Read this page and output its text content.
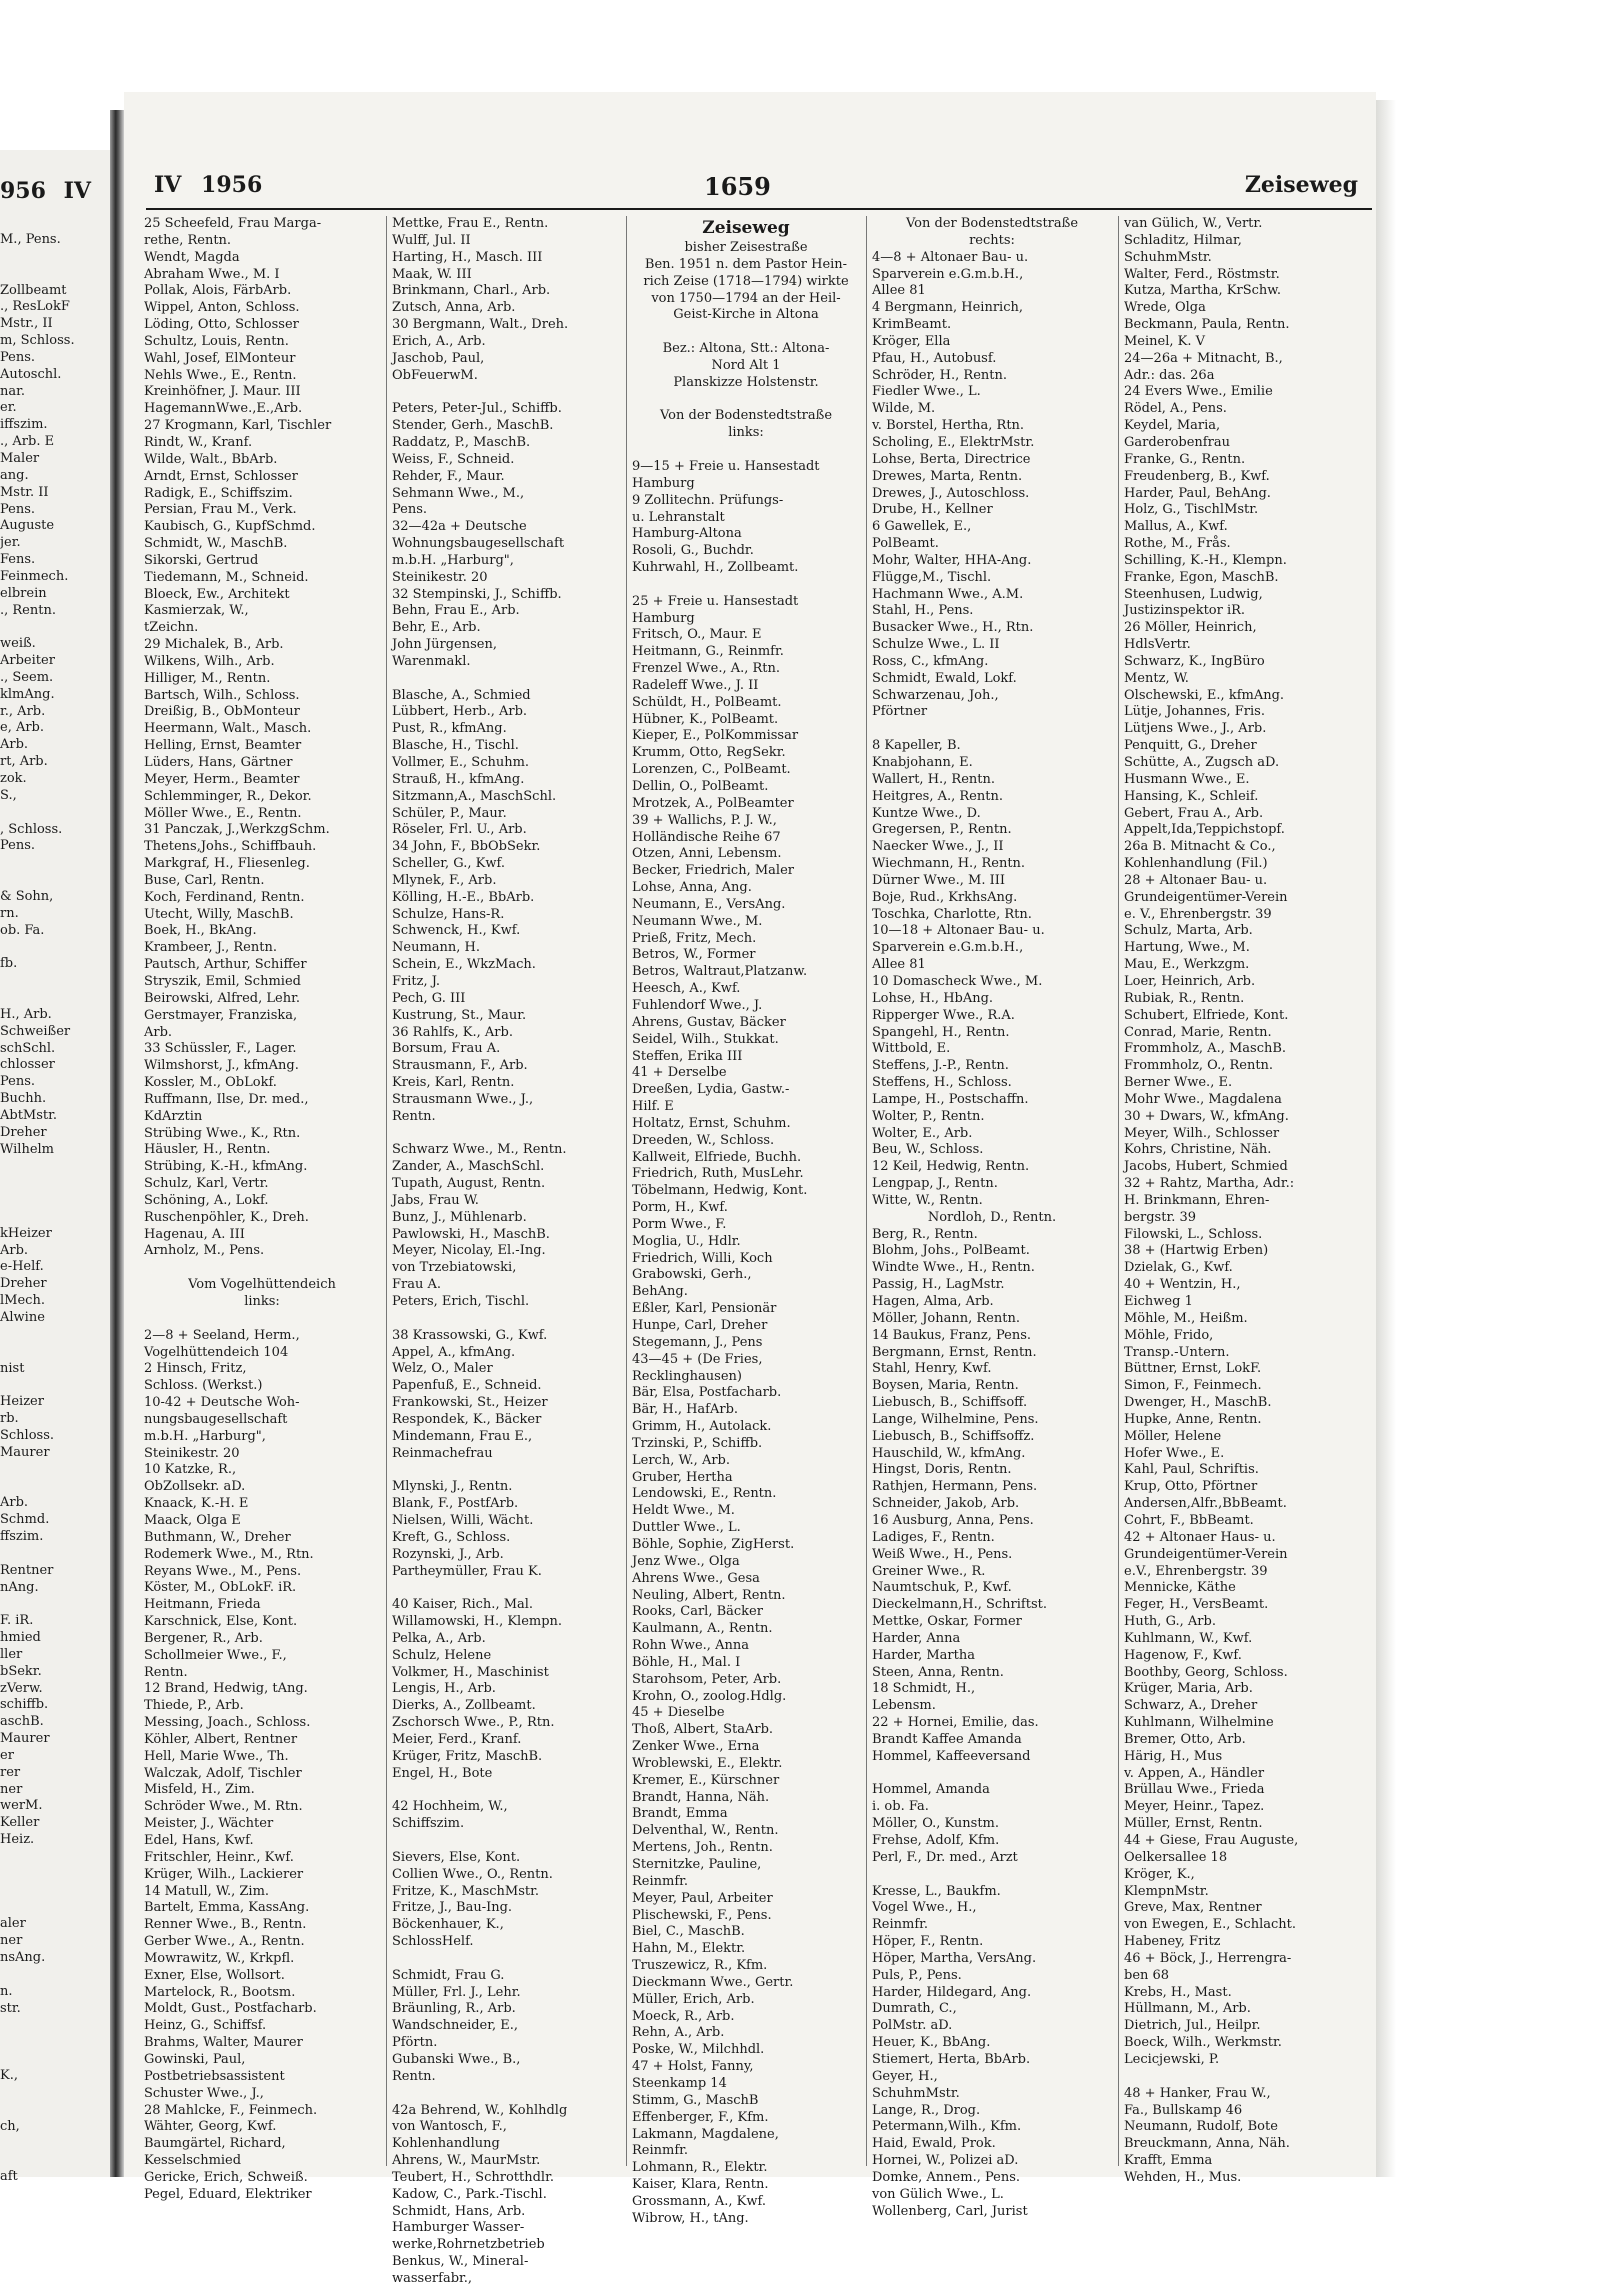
956 IV
M., Pens.

Zollbeamt
., ResLokF
Mstr., II
m, Schloss.
Pens.
Autoschl.
nar.
er.
iffszim.
., Arb. E
Maler
ang.
Mstr. II
Pens.
Auguste
jer.
Fens.
Feinmech.
elbrein
., Rentn.

weiß.
Arbeiter
., Seem.
klmAng.
r., Arb.
e, Arb.
Arb.
rt, Arb.
zok.
S.,

, Schloss.
Pens.

& Sohn,
rn.
ob. Fa.

fb.

H., Arb.
Schweißer
schSchl.
chlosser
Pens.
Buchh.
AbtMstr.
Dreher
Wilhelm

kHeizer
Arb.
e-Helf.
Dreher
lMech.
Alwine

nist

Heizer
rb.
Schloss.
Maurer

Arb.
Schmd.
ffszim.

Rentner
nAng.

F. iR.
hmied
ller
bSekr.
zVerw.
schiffb.
aschB.
Maurer
er
rer
ner
werM.
Keller
Heiz.

aler
ner
nsAng.

n.
str.

K.,

ch,

aft
IV 1956	1659	Zeiseweg
25 Scheefeld, Frau Marga-
rethe, Rentn.
Wendt, Magda
Abraham Wwe., M. I
Pollak, Alois, FärbArb.
Wippel, Anton, Schloss.
Löding, Otto, Schlosser
Schultz, Louis, Rentn.
Wahl, Josef, ElMonteur
Nehls Wwe., E., Rentn.
Kreinhöfner, J. Maur. III
HagemannWwe.,E.,Arb.
27 Krogmann, Karl, Tischler
Rindt, W., Kranf.
Wilde, Walt., BbArb.
Arndt, Ernst, Schlosser
Radigk, E., Schiffszim.
Persian, Frau M., Verk.
Kaubisch, G., KupfSchmd.
Schmidt, W., MaschB.
Sikorski, Gertrud
Tiedemann, M., Schneid.
Bloeck, Ew., Architekt
Kasmierzak, W.,
tZeichn.
29 Michalek, B., Arb.
Wilkens, Wilh., Arb.
Hilliger, M., Rentn.
Bartsch, Wilh., Schloss.
Dreißig, B., ObMonteur
Heermann, Walt., Masch.
Helling, Ernst, Beamter
Lüders, Hans, Gärtner
Meyer, Herm., Beamter
Schlemminger, R., Dekor.
Möller Wwe., E., Rentn.
31 Panczak, J.,WerkzgSchm.
Thetens,Johs., Schiffbauh.
Markgraf, H., Fliesenleg.
Buse, Carl, Rentn.
Koch, Ferdinand, Rentn.
Utecht, Willy, MaschB.
Boek, H., BkAng.
Krambeer, J., Rentn.
Pautsch, Arthur, Schiffer
Stryszik, Emil, Schmied
Beirowski, Alfred, Lehr.
Gerstmayer, Franziska,
Arb.
33 Schüssler, F., Lager.
Wilmshorst, J., kfmAng.
Kossler, M., ObLokf.
Ruffmann, Ilse, Dr. med.,
KdArztin
Strübing Wwe., K., Rtn.
Häusler, H., Rentn.
Strübing, K.-H., kfmAng.
Schulz, Karl, Vertr.
Schöning, A., Lokf.
Ruschenpöhler, K., Dreh.
Hagenau, A. III
Arnholz, M., Pens.

Vom Vogelhüttendeich
links:

2—8 + Seeland, Herm.,
Vogelhüttendeich 104
2 Hinsch, Fritz,
Schloss. (Werkst.)
10-42 + Deutsche Woh-
nungsbaugesellschaft
m.b.H. „Harburg",
Steinikestr. 20
10 Katzke, R.,
ObZollsekr. aD.
Knaack, K.-H. E
Maack, Olga E
Buthmann, W., Dreher
Rodemerk Wwe., M., Rtn.
Reyans Wwe., M., Pens.
Köster, M., ObLokF. iR.
Heitmann, Frieda
Karschnick, Else, Kont.
Bergener, R., Arb.
Schollmeier Wwe., F.,
Rentn.
12 Brand, Hedwig, tAng.
Thiede, P., Arb.
Messing, Joach., Schloss.
Köhler, Albert, Rentner
Hell, Marie Wwe., Th.
Walczak, Adolf, Tischler
Misfeld, H., Zim.
Schröder Wwe., M. Rtn.
Meister, J., Wächter
Edel, Hans, Kwf.
Fritschler, Heinr., Kwf.
Krüger, Wilh., Lackierer
14 Matull, W., Zim.
Bartelt, Emma, KassAng.
Renner Wwe., B., Rentn.
Gerber Wwe., A., Rentn.
Mowrawitz, W., Krkpfl.
Exner, Else, Wollsort.
Martelock, R., Bootsm.
Moldt, Gust., Postfacharb.
Heinz, G., Schiffsf.
Brahms, Walter, Maurer
Gowinski, Paul,
Postbetriebsassistent
Schuster Wwe., J.,
28 Mahlcke, F., Feinmech.
Wähter, Georg, Kwf.
Baumgärtel, Richard,
Kesselschmied
Gericke, Erich, Schweiß.
Pegel, Eduard, Elektriker
Mettke, Frau E., Rentn.
Wulff, Jul. II
Harting, H., Masch. III
Maak, W. III
Brinkmann, Charl., Arb.
Zutsch, Anna, Arb.
30 Bergmann, Walt., Dreh.
Erich, A., Arb.
Jaschob, Paul,
ObFeuerwM.

Peters, Peter-Jul., Schiffb.
Stender, Gerh., MaschB.
Raddatz, P., MaschB.
Weiss, F., Schneid.
Rehder, F., Maur.
Sehmann Wwe., M.,
Pens.
32—42a + Deutsche
Wohnungsbaugesellschaft
m.b.H. „Harburg",
Steinikestr. 20
32 Stempinski, J., Schiffb.
Behn, Frau E., Arb.
Behr, E., Arb.
John Jürgensen,
Warenmakl.

Blasche, A., Schmied
Lübbert, Herb., Arb.
Pust, R., kfmAng.
Blasche, H., Tischl.
Vollmer, E., Schuhm.
Strauß, H., kfmAng.
Sitzmann,A., MaschSchl.
Schüler, P., Maur.
Röseler, Frl. U., Arb.
34 John, F., BbObSekr.
Scheller, G., Kwf.
Mlynek, F., Arb.
Kölling, H.-E., BbArb.
Schulze, Hans-R.
Schwenck, H., Kwf.
Neumann, H.
Schein, E., WkzMach.
Fritz, J.
Pech, G. III
Kustrung, St., Maur.
36 Rahlfs, K., Arb.
Borsum, Frau A.
Strausmann, F., Arb.
Kreis, Karl, Rentn.
Strausmann Wwe., J.,
Rentn.

Schwarz Wwe., M., Rentn.
Zander, A., MaschSchl.
Tupath, August, Rentn.
Jabs, Frau W.
Bunz, J., Mühlenarb.
Pawlowski, H., MaschB.
Meyer, Nicolay, El.-Ing.
von Trzebiatowski,
Frau A.
Peters, Erich, Tischl.

38 Krassowski, G., Kwf.
Appel, A., kfmAng.
Welz, O., Maler
Papenfuß, E., Schneid.
Frankowski, St., Heizer
Respondek, K., Bäcker
Mindemann, Frau E.,
Reinmachefrau

Mlynski, J., Rentn.
Blank, F., PostfArb.
Nielsen, Willi, Wächt.
Kreft, G., Schloss.
Rozynski, J., Arb.
Partheymüller, Frau K.

40 Kaiser, Rich., Mal.
Willamowski, H., Klempn.
Pelka, A., Arb.
Schulz, Helene
Volkmer, H., Maschinist
Lengis, H., Arb.
Dierks, A., Zollbeamt.
Zschorsch Wwe., P., Rtn.
Meier, Ferd., Kranf.
Krüger, Fritz, MaschB.
Engel, H., Bote

42 Hochheim, W.,
Schiffszim.

Sievers, Else, Kont.
Collien Wwe., O., Rentn.
Fritze, K., MaschMstr.
Fritze, J., Bau-Ing.
Böckenhauer, K.,
SchlossHelf.

Schmidt, Frau G.
Müller, Frl. J., Lehr.
Bräunling, R., Arb.
Wandschneider, E.,
Pförtn.
Gubanski Wwe., B.,
Rentn.

42a Behrend, W., Kohlhdlg
von Wantosch, F.,
Kohlenhandlung
Ahrens, W., MaurMstr.
Teubert, H., Schrotthdlr.
Kadow, C., Park.-Tischl.
Schmidt, Hans, Arb.
Hamburger Wasser-
werke,Rohrnetzbetrieb
Benkus, W., Mineral-
wasserfabr.,
Zeiseweg
bisher Zeisestraße
Ben. 1951 n. dem Pastor Hein-
rich Zeise (1718—1794) wirkte
von 1750—1794 an der Heil-
Geist-Kirche in Altona

Bez.: Altona, Stt.: Altona-
Nord Alt 1
Planskizze Holstenstr.

Von der Bodenstedtstraße
links:

9—15 + Freie u. Hansestadt
Hamburg
9 Zollitechn. Prüfungs-
u. Lehranstalt
Hamburg-Altona
Rosoli, G., Buchdr.
Kuhrwahl, H., Zollbeamt.

25 + Freie u. Hansestadt
Hamburg
Fritsch, O., Maur. E
Heitmann, G., Reinmfr.
Frenzel Wwe., A., Rtn.
Radeleff Wwe., J. II
Schüldt, H., PolBeamt.
Hübner, K., PolBeamt.
Kieper, E., PolKommissar
Krumm, Otto, RegSekr.
Lorenzen, C., PolBeamt.
Dellin, O., PolBeamt.
Mrotzek, A., PolBeamter
39 + Wallichs, P. J. W.,
Holländische Reihe 67
Otzen, Anni, Lebensm.
Becker, Friedrich, Maler
Lohse, Anna, Ang.
Neumann, E., VersAng.
Neumann Wwe., M.
Prieß, Fritz, Mech.
Betros, W., Former
Betros, Waltraut,Platzanw.
Heesch, A., Kwf.
Fuhlendorf Wwe., J.
Ahrens, Gustav, Bäcker
Seidel, Wilh., Stukkat.
Steffen, Erika III
41 + Derselbe
Dreeßen, Lydia, Gastw.-
Hilf. E
Holtatz, Ernst, Schuhm.
Dreeden, W., Schloss.
Kallweit, Elfriede, Buchh.
Friedrich, Ruth, MusLehr.
Töbelmann, Hedwig, Kont.
Porm, H., Kwf.
Porm Wwe., F.
Moglia, U., Hdlr.
Friedrich, Willi, Koch
Grabowski, Gerh.,
BehAng.
Eßler, Karl, Pensionär
Hunpe, Carl, Dreher
Stegemann, J., Pens
43—45 + (De Fries,
Recklinghausen)
Bär, Elsa, Postfacharb.
Bär, H., HafArb.
Grimm, H., Autolack.
Trzinski, P., Schiffb.
Lerch, W., Arb.
Gruber, Hertha
Lendowski, E., Rentn.
Heldt Wwe., M.
Duttler Wwe., L.
Böhle, Sophie, ZigHerst.
Jenz Wwe., Olga
Ahrens Wwe., Gesa
Neuling, Albert, Rentn.
Rooks, Carl, Bäcker
Kaulmann, A., Rentn.
Rohn Wwe., Anna
Böhle, H., Mal. I
Starohsom, Peter, Arb.
Krohn, O., zoolog.Hdlg.
45 + Dieselbe
Thoß, Albert, StaArb.
Zenker Wwe., Erna
Wroblewski, E., Elektr.
Kremer, E., Kürschner
Brandt, Hanna, Näh.
Brandt, Emma
Delventhal, W., Rentn.
Mertens, Joh., Rentn.
Sternitzke, Pauline,
Reinmfr.
Meyer, Paul, Arbeiter
Plischewski, F., Pens.
Biel, C., MaschB.
Hahn, M., Elektr.
Truszewicz, R., Kfm.
Dieckmann Wwe., Gertr.
Müller, Erich, Arb.
Moeck, R., Arb.
Rehn, A., Arb.
Poske, W., Milchhdl.
47 + Holst, Fanny,
Steenkamp 14
Stimm, G., MaschB
Effenberger, F., Kfm.
Lakmann, Magdalene,
Reinmfr.
Lohmann, R., Elektr.
Kaiser, Klara, Rentn.
Grossmann, A., Kwf.
Wibrow, H., tAng.
Von der Bodenstedtstraße
rechts:
4—8 + Altonaer Bau- u.
Sparverein e.G.m.b.H.,
Allee 81
4 Bergmann, Heinrich,
KrimBeamt.
Kröger, Ella
Pfau, H., Autobusf.
Schröder, H., Rentn.
Fiedler Wwe., L.
Wilde, M.
v. Borstel, Hertha, Rtn.
Scholing, E., ElektrMstr.
Lohse, Berta, Directrice
Drewes, Marta, Rentn.
Drewes, J., Autoschloss.
Drube, H., Kellner
6 Gawellek, E.,
PolBeamt.
Mohr, Walter, HHA-Ang.
Flügge,M., Tischl.
Hachmann Wwe., A.M.
Stahl, H., Pens.
Busacker Wwe., H., Rtn.
Schulze Wwe., L. II
Ross, C., kfmAng.
Schmidt, Ewald, Lokf.
Schwarzenau, Joh.,
Pförtner

8 Kapeller, B.
Knabjohann, E.
Wallert, H., Rentn.
Heitgres, A., Rentn.
Kuntze Wwe., D.
Gregersen, P., Rentn.
Naecker Wwe., J., II
Wiechmann, H., Rentn.
Dürner Wwe., M. III
Boje, Rud., KrkhsAng.
Toschka, Charlotte, Rtn.
10—18 + Altonaer Bau- u.
Sparverein e.G.m.b.H.,
Allee 81
10 Domascheck Wwe., M.
Lohse, H., HbAng.
Ripperger Wwe., R.A.
Spangehl, H., Rentn.
Wittbold, E.
Steffens, J.-P., Rentn.
Steffens, H., Schloss.
Lampe, H., Postschaffn.
Wolter, P., Rentn.
Wolter, E., Arb.
Beu, W., Schloss.
12 Keil, Hedwig, Rentn.
Lengpap, J., Rentn.
Witte, W., Rentn.
Nordloh, D., Rentn.
Berg, R., Rentn.
Blohm, Johs., PolBeamt.
Windte Wwe., H., Rentn.
Passig, H., LagMstr.
Hagen, Alma, Arb.
Möller, Johann, Rentn.
14 Baukus, Franz, Pens.
Bergmann, Ernst, Rentn.
Stahl, Henry, Kwf.
Boysen, Maria, Rentn.
Liebusch, B., Schiffsoff.
Lange, Wilhelmine, Pens.
Liebusch, B., Schiffsoffz.
Hauschild, W., kfmAng.
Hingst, Doris, Rentn.
Rathjen, Hermann, Pens.
Schneider, Jakob, Arb.
16 Ausburg, Anna, Pens.
Ladiges, F., Rentn.
Weiß Wwe., H., Pens.
Greiner Wwe., R.
Naumtschuk, P., Kwf.
Dieckelmann,H., Schriftst.
Mettke, Oskar, Former
Harder, Anna
Harder, Martha
Steen, Anna, Rentn.
18 Schmidt, H.,
Lebensm.
22 + Hornei, Emilie, das.
Brandt Kaffee Amanda
Hommel, Kaffeeversand

Hommel, Amanda
i. ob. Fa.
Möller, O., Kunstm.
Frehse, Adolf, Kfm.
Perl, F., Dr. med., Arzt

Kresse, L., Baukfm.
Vogel Wwe., H.,
Reinmfr.
Höper, F., Rentn.
Höper, Martha, VersAng.
Puls, P., Pens.
Harder, Hildegard, Ang.
Dumrath, C.,
PolMstr. aD.
Heuer, K., BbAng.
Stiemert, Herta, BbArb.
Geyer, H.,
SchuhmMstr.
Lange, R., Drog.
Petermann,Wilh., Kfm.
Haid, Ewald, Prok.
Hornei, W., Polizei aD.
Domke, Annem., Pens.
von Gülich Wwe., L.
Wollenberg, Carl, Jurist
van Gülich, W., Vertr.
Schladitz, Hilmar,
SchuhmMstr.
Walter, Ferd., Röstmstr.
Kutza, Martha, KrSchw.
Wrede, Olga
Beckmann, Paula, Rentn.
Meinel, K. V
24—26a + Mitnacht, B.,
Adr.: das. 26a
24 Evers Wwe., Emilie
Rödel, A., Pens.
Keydel, Maria,
Garderobenfrau
Franke, G., Rentn.
Freudenberg, B., Kwf.
Harder, Paul, BehAng.
Holz, G., TischlMstr.
Mallus, A., Kwf.
Rothe, M., Frås.
Schilling, K.-H., Klempn.
Franke, Egon, MaschB.
Steenhusen, Ludwig,
Justizinspektor iR.
26 Möller, Heinrich,
HdlsVertr.
Schwarz, K., IngBüro
Mentz, W.
Olschewski, E., kfmAng.
Lütje, Johannes, Fris.
Lütjens Wwe., J., Arb.
Penquitt, G., Dreher
Schütte, A., Zugsch aD.
Husmann Wwe., E.
Hansing, K., Schleif.
Gebert, Frau A., Arb.
Appelt,Ida,Teppichstopf.
26a B. Mitnacht & Co.,
Kohlenhandlung (Fil.)
28 + Altonaer Bau- u.
Grundeigentümer-Verein
e. V., Ehrenbergstr. 39
Schulz, Marta, Arb.
Hartung, Wwe., M.
Mau, E., Werkzgm.
Loer, Heinrich, Arb.
Rubiak, R., Rentn.
Schubert, Elfriede, Kont.
Conrad, Marie, Rentn.
Frommholz, A., MaschB.
Frommholz, O., Rentn.
Berner Wwe., E.
Mohr Wwe., Magdalena
30 + Dwars, W., kfmAng.
Meyer, Wilh., Schlosser
Kohrs, Christine, Näh.
Jacobs, Hubert, Schmied
32 + Rahtz, Martha, Adr.:
H. Brinkmann, Ehren-
bergstr. 39
Filowski, L., Schloss.
38 + (Hartwig Erben)
Dzielak, G., Kwf.
40 + Wentzin, H.,
Eichweg 1
Möhle, M., Heißm.
Möhle, Frido,
Transp.-Untern.
Büttner, Ernst, LokF.
Simon, F., Feinmech.
Dwenger, H., MaschB.
Hupke, Anne, Rentn.
Möller, Helene
Hofer Wwe., E.
Kahl, Paul, Schriftis.
Krup, Otto, Pförtner
Andersen,Alfr.,BbBeamt.
Cohrt, F., BbBeamt.
42 + Altonaer Haus- u.
Grundeigentümer-Verein
e.V., Ehrenbergstr. 39
Mennicke, Käthe
Feger, H., VersBeamt.
Huth, G., Arb.
Kuhlmann, W., Kwf.
Hagenow, F., Kwf.
Boothby, Georg, Schloss.
Krüger, Maria, Arb.
Schwarz, A., Dreher
Kuhlmann, Wilhelmine
Bremer, Otto, Arb.
Härig, H., Mus
v. Appen, A., Händler
Brüllau Wwe., Frieda
Meyer, Heinr., Tapez.
Müller, Ernst, Rentn.
44 + Giese, Frau Auguste,
Oelkersallee 18
Kröger, K.,
KlempnMstr.
Greve, Max, Rentner
von Ewegen, E., Schlacht.
Habeney, Fritz
46 + Böck, J., Herrengra-
ben 68
Krebs, H., Mast.
Hüllmann, M., Arb.
Dietrich, Jul., Heilpr.
Boeck, Wilh., Werkmstr.
Lecicjewski, P.

48 + Hanker, Frau W.,
Fa., Bullskamp 46
Neumann, Rudolf, Bote
Breuckmann, Anna, Näh.
Krafft, Emma
Wehden, H., Mus.
